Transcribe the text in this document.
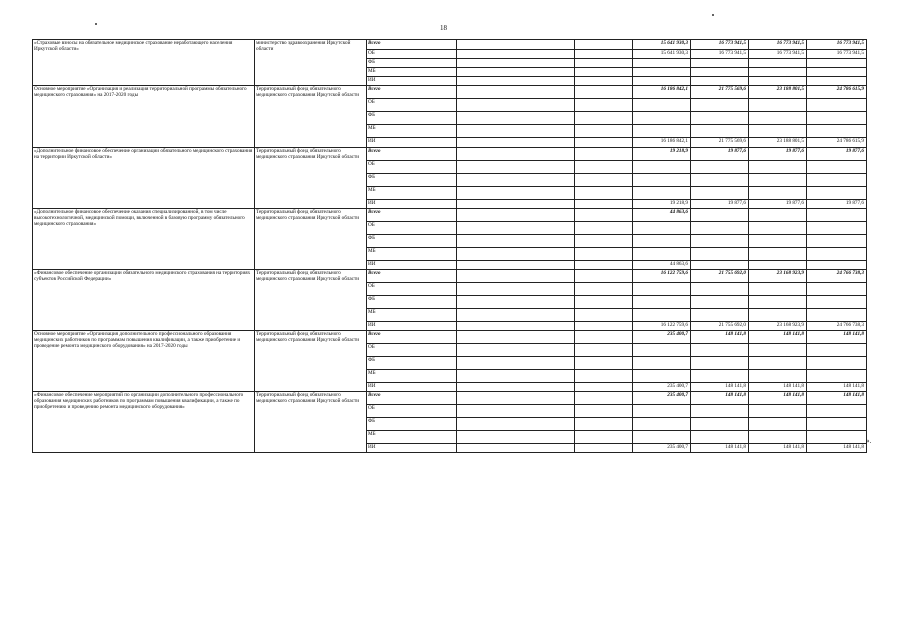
18
«Страховые взносы на обязательное медицинское страхование неработающего населения Иркутской области»	министерство здравоохранения Иркутской области	Всего			15 641 930,3	16 773 941,5	16 773 941,5	16 773 941,5
		ОБ			15 641 930,3	16 773 941,5	16 773 941,5	16 773 941,5
		ФБ						
		МБ						
		ИИ						
Основное мероприятие «Организация и реализация территориальной программы обязательного медицинского страхования» на 2017-2020 годы	Территориальный фонд обязательного медицинского страхования Иркутской области	Всего			16 186 842,1	21 775 569,6	23 188 801,5	24 786 615,9
		ОБ						
		ФБ						
		МБ						
		ИИ			16 186 842,1	21 775 569,6	23 188 801,5	24 786 615,9
«Дополнительное финансовое обеспечение организации обязательного медицинского страхования на территории Иркутской области»	Территориальный фонд обязательного медицинского страхования Иркутской области	Всего			19 218,9	19 877,6	19 877,6	19 877,6
		ОБ						
		ФБ						
		МБ						
		ИИ			19 218,9	19 877,6	19 877,6	19 877,6
«Дополнительное финансовое обеспечение оказания специализированной, в том числе высокотехнологичной, медицинской помощи, включенной в базовую программу обязательного медицинского страхования»	Территориальный фонд обязательного медицинского страхования Иркутской области	Всего			44 863,6			
		ОБ						
		ФБ						
		МБ						
		ИИ			44 863,6			
«Финансовое обеспечение организации обязательного медицинского страхования на территориях субъектов Российской Федерации»	Территориальный фонд обязательного медицинского страхования Иркутской области	Всего			16 122 759,6	21 755 692,0	23 168 923,9	24 766 738,3
		ОБ						
		ФБ						
		МБ						
		ИИ			16 122 759,6	21 755 692,0	23 168 923,9	24 766 738,3
Основное мероприятие «Организация дополнительного профессионального образования медицинских работников по программам повышения квалификации, а также приобретение и проведение ремонта медицинского оборудования» на 2017-2020 годы	Территориальный фонд обязательного медицинского страхования Иркутской области	Всего			235 400,7	148 141,8	148 141,8	148 141,8
		ОБ						
		ФБ						
		МБ						
		ИИ			235 400,7	148 141,8	148 141,8	148 141,8
«Финансовое обеспечение мероприятий по организации дополнительного профессионального образования медицинских работников по программам повышения квалификации, а также по приобретению и проведению ремонта медицинского оборудования»	Территориальный фонд обязательного медицинского страхования Иркутской области	Всего			235 400,7	148 141,8	148 141,8	148 141,8
		ОБ						
		ФБ						
		МБ						
		ИИ			235 400,7	148 141,8	148 141,8	148 141,8
».
